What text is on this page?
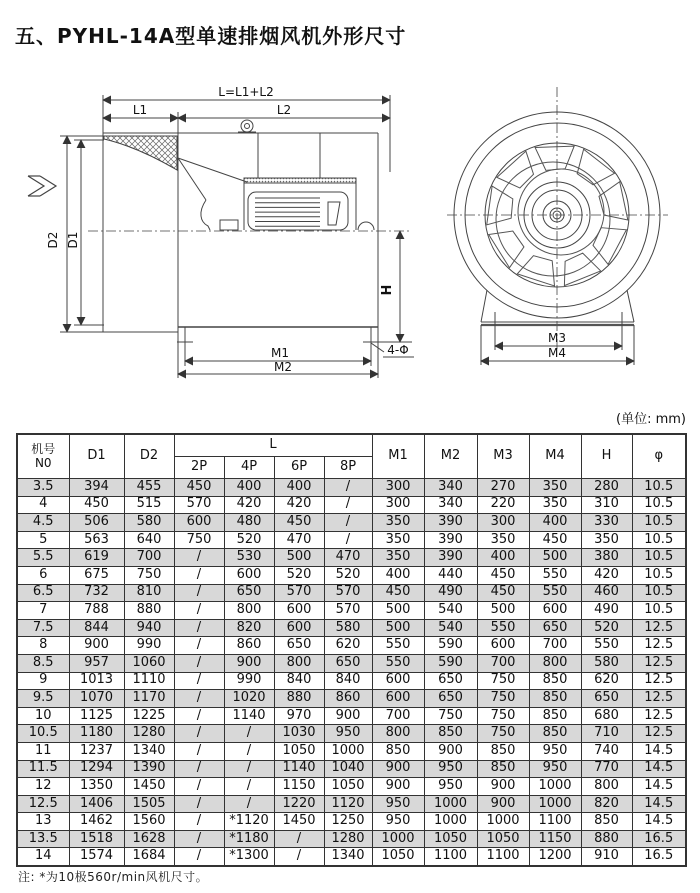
五、PYHL-14A型单速排烟风机外形尺寸
L=L1+L2
L1	L2
D2 D1
H
M1
M2
4-Φ
M3
M4
(单位: mm)
机号
N0	D1	D2	L				M1	M2	M3	M4	H	φ
			2P	4P	6P	8P						
3.5	394	455	450	400	400	/	300	340	270	350	280	10.5
4	450	515	570	420	420	/	300	340	220	350	310	10.5
4.5	506	580	600	480	450	/	350	390	300	400	330	10.5
5	563	640	750	520	470	/	350	390	350	450	350	10.5
5.5	619	700	/	530	500	470	350	390	400	500	380	10.5
6	675	750	/	600	520	520	400	440	450	550	420	10.5
6.5	732	810	/	650	570	570	450	490	450	550	460	10.5
7	788	880	/	800	600	570	500	540	500	600	490	10.5
7.5	844	940	/	820	600	580	500	540	550	650	520	12.5
8	900	990	/	860	650	620	550	590	600	700	550	12.5
8.5	957	1060	/	900	800	650	550	590	700	800	580	12.5
9	1013	1110	/	990	840	840	600	650	750	850	620	12.5
9.5	1070	1170	/	1020	880	860	600	650	750	850	650	12.5
10	1125	1225	/	1140	970	900	700	750	750	850	680	12.5
10.5	1180	1280	/	/	1030	950	800	850	750	850	710	12.5
11	1237	1340	/	/	1050	1000	850	900	850	950	740	14.5
11.5	1294	1390	/	/	1140	1040	900	950	850	950	770	14.5
12	1350	1450	/	/	1150	1050	900	950	900	1000	800	14.5
12.5	1406	1505	/	/	1220	1120	950	1000	900	1000	820	14.5
13	1462	1560	/	*1120	1450	1250	950	1000	1000	1100	850	14.5
13.5	1518	1628	/	*1180	/	1280	1000	1050	1050	1150	880	16.5
14	1574	1684	/	*1300	/	1340	1050	1100	1100	1200	910	16.5
注: *为10极560r/min风机尺寸。
